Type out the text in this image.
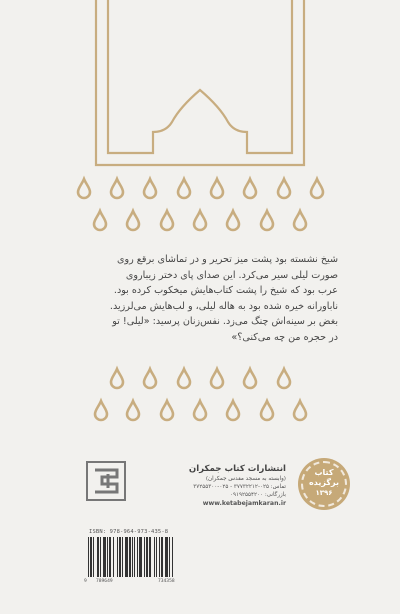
شیخ نشسته بود پشت میز تحریر و در تماشای برقع روی
صورت لیلی سیر می‌کرد. این صدای پای دختر زیباروی
عرب بود که شیخ را پشت کتاب‌هایش میخکوب کرده بود.
ناباورانه خیره شده بود به هاله لیلی، و لب‌هایش می‌لرزید.
بغض بر سینه‌اش چنگ می‌زد. نفس‌زنان پرسید: «لیلی! تو
در حجره من چه می‌کنی؟»
انتشارات کتاب جمکران
(وابسته به مسجد مقدس جمکران)
تماس: ۰۲۵-۳۷۷۳۲۲۱۲ - ۰۲۵-۳۷۲۵۵۳۰۰
بازرگانی: ۰۹۱۹۲۵۵۴۲۰۰
www.ketabejamkaran.ir
کتاب
برگزیده
۱۳۹۶
ISBN: 978-964-973-435-8
9 789649	734358
